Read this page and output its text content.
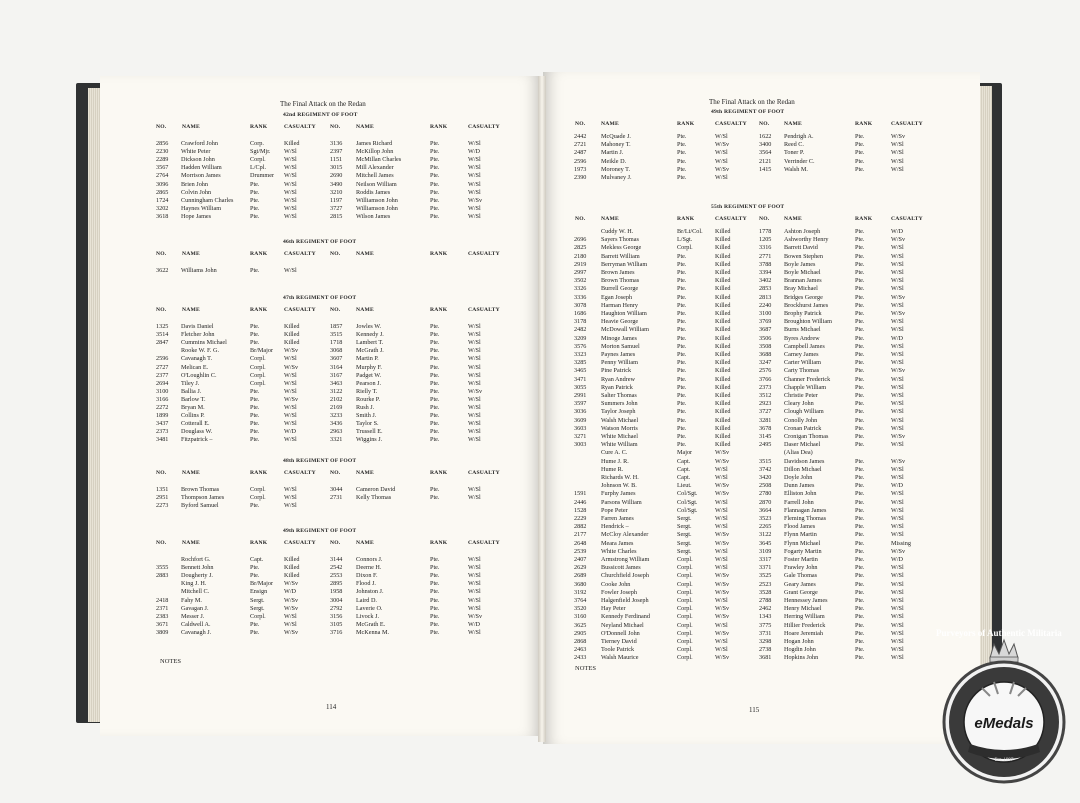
The Final Attack on the Redan
NOTES
114
42nd REGIMENT OF FOOT
NO.	NAME	RANK	CASUALTY	NO.	NAME	RANK	CASUALTY
2856 Crawford John	Corp.	Killed	3136 James Richard	Pte.	W/Sl
2230 White Peter	Sgt/Mjr. W/Sl	2397 McKillop John	Pte.	W/D
2289 Dickson John	Corpl.	W/Sl	1151 McMillan Charles	Pte.	W/Sl
3567 Hadden William	L/Cpl.	W/Sl	3015 Mill Alexander	Pte.	W/Sl
2764 Morrison James	Drummer W/Sl	2690 Mitchell James	Pte.	W/Sl
3096 Brien John	Pte.	W/Sl	3490 Neilson William	Pte.	W/Sl
2865 Colvin John	Pte.	W/Sl	3210 Roddis James	Pte.	W/Sl
1724 Cunningham Charles	Pte.	W/Sl	1197 Williamson John	Pte.	W/Sv
3202 Haynes William	Pte.	W/Sl	3727 Williamson John	Pte.	W/Sl
3618 Hope James	Pte.	W/Sl	2815 Wilson James	Pte.	W/Sl
46th REGIMENT OF FOOT
NO.	NAME	RANK	CASUALTY	NO.	NAME	RANK	CASUALTY
3622 Williams John	Pte.	W/Sl
47th REGIMENT OF FOOT
NO.	NAME	RANK	CASUALTY	NO.	NAME	RANK	CASUALTY
1325 Davis Daniel	Pte.	Killed	1857 Jowles W.	Pte.	W/Sl
3514 Fletcher John	Pte.	Killed	3515 Kennedy J.	Pte.	W/Sl
2847 Cummins Michael	Pte.	Killed	1718 Lambert T.	Pte.	W/Sl
Rooke W. F. G.	Br/Major W/Sv	3068 McGrath J.	Pte.	W/Sl
2596 Cavanagh T.	Corpl.	W/Sl	3607 Martin P.	Pte.	W/Sl
2727 Melican E.	Corpl.	W/Sv	3164 Murphy F.	Pte.	W/Sl
2377 O'Loughlin C.	Corpl.	W/Sl	3167 Padget W.	Pte.	W/Sl
2694 Tiley J.	Corpl.	W/Sl	3463 Pearson J.	Pte.	W/Sl
3100 Ballia J.	Pte.	W/Sl	3122 Rielly T.	Pte.	W/Sv
3166 Barlow T.	Pte.	W/Sv	2102 Rourke P.	Pte.	W/Sl
2272 Bryan M.	Pte.	W/Sl	2169 Rush J.	Pte.	W/Sl
1899 Collins P.	Pte.	W/Sl	3233 Smith J.	Pte.	W/Sl
3437 Cotterall E.	Pte.	W/Sl	3436 Taylor S.	Pte.	W/Sl
2373 Douglass W.	Pte.	W/D	2963 Trussell E.	Pte.	W/Sl
3481 Fitzpatrick –	Pte.	W/Sl	3321 Wiggins J.	Pte.	W/Sl
48th REGIMENT OF FOOT
NO.	NAME	RANK	CASUALTY	NO.	NAME	RANK	CASUALTY
1351 Brown Thomas	Corpl.	W/Sl	3044 Cameron David	Pte.	W/Sl
2951 Thompson James	Corpl.	W/Sl	2731 Kelly Thomas	Pte.	W/Sl
2273 Byford Samuel	Pte.	W/Sl
49th REGIMENT OF FOOT
NO.	NAME	RANK	CASUALTY	NO.	NAME	RANK	CASUALTY
Rochfort G.	Capt.	Killed	3144 Connors J.	Pte.	W/Sl
3555 Bennett John	Pte.	Killed	2542 Deerne H.	Pte.	W/Sl
2883 Dougherty J.	Pte.	Killed	2553 Dixon F.	Pte.	W/Sl
King J. H.	Br/Major W/Sv	2895 Flood J.	Pte.	W/Sl
Mitchell C.	Ensign	W/D	1958 Johnston J.	Pte.	W/Sl
2418 Fahy M.	Sergt.	W/Sv	3004 Laird D.	Pte.	W/Sl
2371 Gavagan J.	Sergt.	W/Sv	2792 Laverie O.	Pte.	W/Sl
2383 Messer J.	Corpl.	W/Sl	3156 Livock J.	Pte.	W/Sv
3671 Caldwell A.	Pte.	W/Sl	3105 McGrath E.	Pte.	W/D
3809 Cavanagh J.	Pte.	W/Sv	3716 McKenna M.	Pte.	W/Sl
The Final Attack on the Redan
NOTES
115
49th REGIMENT OF FOOT
NO.	NAME	RANK	CASUALTY NO.	NAME	RANK	CASUALTY
2442 McQuade J.	Pte.	W/Sl	1622 Pendrigh A.	Pte.	W/Sv
2721 Mahoney T.	Pte.	W/Sv	3400 Reed C.	Pte.	W/Sl
2487 Martin J.	Pte.	W/Sl	3564 Toner P.	Pte.	W/Sl
2596 Meikle D.	Pte.	W/Sl	2121 Verrinder C.	Pte.	W/Sl
1973 Moroney T.	Pte.	W/Sv	1415 Walsh M.	Pte.	W/Sl
2390 Mulvaney J.	Pte.	W/Sl
55th REGIMENT OF FOOT
NO.	NAME	RANK	CASUALTY NO.	NAME	RANK	CASUALTY
Cuddy W. H.	Br/Lt/Col. Killed	1778 Ashton Joseph	Pte.	W/D
2696 Sayers Thomas	L/Sgt.	Killed	1205 Ashworthy Henry	Pte.	W/Sv
2825 Mekless George	Corpl.	Killed	3316 Barrett David	Pte.	W/Sl
2180 Barrett William	Pte.	Killed	2771 Bowen Stephen	Pte.	W/Sl
2919 Berryman William	Pte.	Killed	3788 Boyle James	Pte.	W/Sl
2997 Brown James	Pte.	Killed	3394 Boyle Michael	Pte.	W/Sl
3502 Brown Thomas	Pte.	Killed	3402 Brannan James	Pte.	W/Sl
3326 Burrell George	Pte.	Killed	2853 Bray Michael	Pte.	W/Sl
3336 Egan Joseph	Pte.	Killed	2813 Bridges George	Pte.	W/Sv
3078 Harman Henry	Pte.	Killed	2240 Brockhurst James	Pte.	W/Sl
1686 Haughton William	Pte.	Killed	3100 Brophy Patrick	Pte.	W/Sv
3178 Heavie George	Pte.	Killed	3769 Broughton William	Pte.	W/Sl
2482 McDowall William	Pte.	Killed	3687 Burns Michael	Pte.	W/Sl
3209 Minoge James	Pte.	Killed	3506 Byres Andrew	Pte.	W/D
3576 Morton Samuel	Pte.	Killed	3508 Campbell James	Pte.	W/Sl
3323 Paynes James	Pte.	Killed	3688 Carney James	Pte.	W/Sl
3285 Penny William	Pte.	Killed	3247 Carter William	Pte.	W/Sl
3465 Pine Patrick	Pte.	Killed	2576 Carty Thomas	Pte.	W/Sv
3471 Ryan Andrew	Pte.	Killed	3766 Channer Frederick	Pte.	W/Sl
3055 Ryan Patrick	Pte.	Killed	2373 Chapple William	Pte.	W/Sl
2991 Salter Thomas	Pte.	Killed	3512 Christie Peter	Pte.	W/Sl
3597 Summers John	Pte.	Killed	2923 Cleary John	Pte.	W/Sl
3036 Taylor Joseph	Pte.	Killed	3727 Clough William	Pte.	W/Sl
3609 Walsh Michael	Pte.	Killed	3281 Conolly John	Pte.	W/Sl
3603 Watson Morris	Pte.	Killed	3678 Cronan Patrick	Pte.	W/Sl
3271 White Michael	Pte.	Killed	3145 Cronigan Thomas	Pte.	W/Sv
3003 White William	Pte.	Killed	2495 Daser Michael	Pte.	W/Sl
Cure A. C.	Major	W/Sv	(Alias Dea)
Hume J. R.	Capt.	W/Sv	3515 Davidson James	Pte.	W/Sv
Hume R.	Capt.	W/Sl	3742 Dillon Michael	Pte.	W/Sl
Richards W. H.	Capt.	W/Sl	3420 Doyle John	Pte.	W/Sl
Johnson W. B.	Lieut.	W/Sv	2508 Dunn James	Pte.	W/D
1591 Furphy James	Col/Sgt.	W/Sv	2780 Elliston John	Pte.	W/Sl
2446 Parsons William	Col/Sgt.	W/Sl	2870 Farrell John	Pte.	W/Sl
1528 Pope Peter	Col/Sgt.	W/Sl	3664 Flannagan James	Pte.	W/Sl
2229 Farren James	Sergt.	W/Sl	3523 Fleming Thomas	Pte.	W/Sl
2882 Hendrick –	Sergt.	W/Sl	2265 Flood James	Pte.	W/Sl
2177 McCloy Alexander	Sergt.	W/Sv	3122 Flynn Martin	Pte.	W/Sl
2648 Meara James	Sergt.	W/Sv	3645 Flynn Michael	Pte.	Missing
2539 White Charles	Sergt.	W/Sl	3109 Fogarty Martin	Pte.	W/Sv
2407 Armstrong William	Corpl.	W/Sl	3317 Foster Martin	Pte.	W/D
2629 Bussicott James	Corpl.	W/Sl	3371 Frawley John	Pte.	W/Sl
2689 Churchfield Joseph	Corpl.	W/Sv	3525 Gale Thomas	Pte.	W/Sl
3680 Cooke John	Corpl.	W/Sv	2523 Geary James	Pte.	W/Sl
3192 Fowler Joseph	Corpl.	W/Sv	3528 Grant George	Pte.	W/Sl
3764 Halgenfield Joseph	Corpl.	W/Sl	2788 Hennessey James	Pte.	W/Sl
3520 Hay Peter	Corpl.	W/Sv	2462 Henry Michael	Pte.	W/Sl
3160 Kennedy Ferdinand	Corpl.	W/Sv	1343 Herring William	Pte.	W/Sl
3625 Neyland Michael	Corpl.	W/Sl	3775 Hillier Frederick	Pte.	W/Sl
2905 O'Donnell John	Corpl.	W/Sv	3731 Hoare Jeremiah	Pte.	W/Sl
2868 Tierney David	Corpl.	W/Sl	3298 Hogan John	Pte.	W/Sl
2463 Toole Patrick	Corpl.	W/Sl	2738 Hogdin John	Pte.	W/Sl
2433 Walsh Maurice	Corpl.	W/Sv	3681 Hopkins John	Pte.	W/Sl
Purveyors of Authentic Militaria
eMedals
Est. 1997
